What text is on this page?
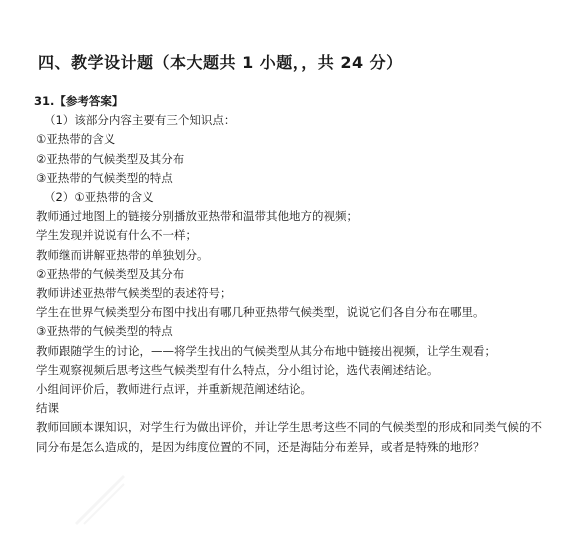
四、教学设计题（本大题共 1 小题，，共 24 分）
31.【参考答案】
（1）该部分内容主要有三个知识点：
①亚热带的含义
②亚热带的气候类型及其分布
③亚热带的气候类型的特点
（2）①亚热带的含义
教师通过地图上的链接分别播放亚热带和温带其他地方的视频；
学生发现并说说有什么不一样；
教师继而讲解亚热带的单独划分。
②亚热带的气候类型及其分布
教师讲述亚热带气候类型的表述符号；
学生在世界气候类型分布图中找出有哪几种亚热带气候类型，说说它们各自分布在哪里。
③亚热带的气候类型的特点
教师跟随学生的讨论，——将学生找出的气候类型从其分布地中链接出视频，让学生观看；
学生观察视频后思考这些气候类型有什么特点，分小组讨论，选代表阐述结论。
小组间评价后，教师进行点评，并重新规范阐述结论。
结课
教师回顾本课知识，对学生行为做出评价，并让学生思考这些不同的气候类型的形成和同类气候的不同分布是怎么造成的，是因为纬度位置的不同，还是海陆分布差异，或者是特殊的地形？
